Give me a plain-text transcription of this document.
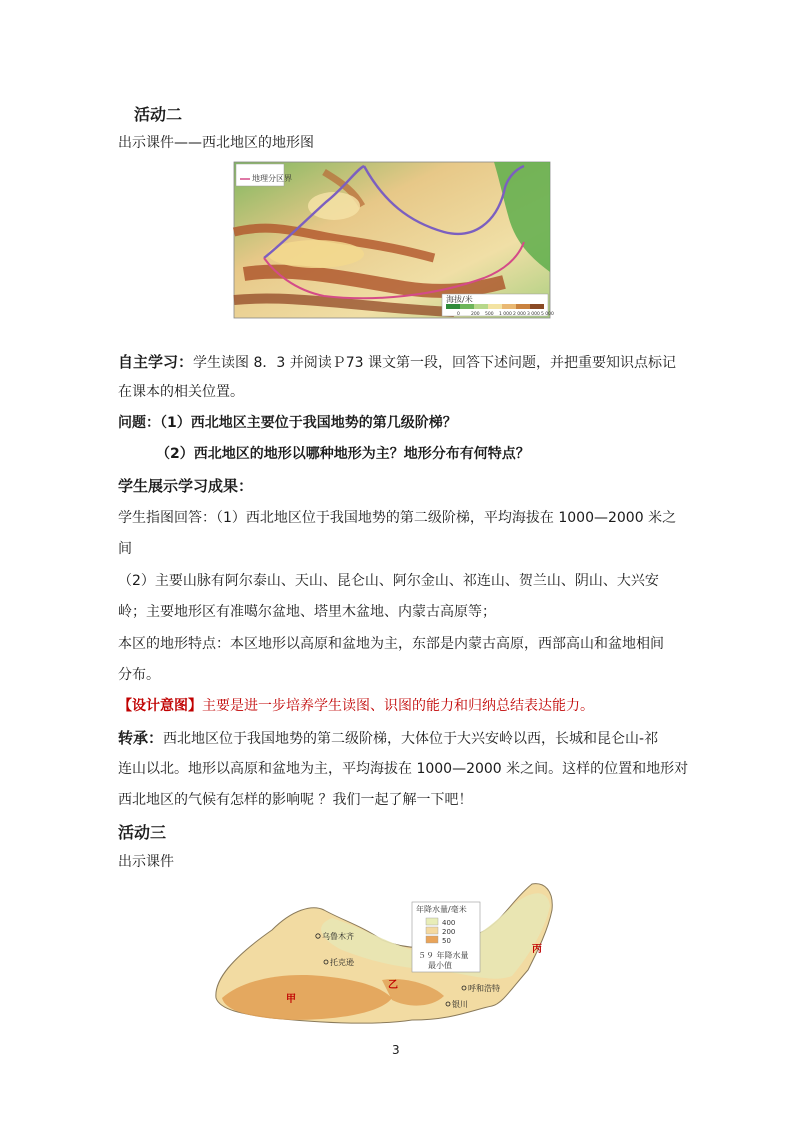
活动二
出示课件——西北地区的地形图
地理分区界
海拔/米
0 200 500 1 000 2 000 3 000 5 000
自主学习：学生读图 8．3 并阅读Ｐ73 课文第一段，回答下述问题，并把重要知识点标记
在课本的相关位置。
问题：（1）西北地区主要位于我国地势的第几级阶梯？
（2）西北地区的地形以哪种地形为主？地形分布有何特点？
学生展示学习成果：
学生指图回答：（1）西北地区位于我国地势的第二级阶梯，平均海拔在 1000—2000 米之
间
（2）主要山脉有阿尔泰山、天山、昆仑山、阿尔金山、祁连山、贺兰山、阴山、大兴安
岭；主要地形区有准噶尔盆地、塔里木盆地、内蒙古高原等；
本区的地形特点：本区地形以高原和盆地为主，东部是内蒙古高原，西部高山和盆地相间
分布。
【设计意图】主要是进一步培养学生读图、识图的能力和归纳总结表达能力。
转承：西北地区位于我国地势的第二级阶梯，大体位于大兴安岭以西，长城和昆仑山-祁
连山以北。地形以高原和盆地为主，平均海拔在 1000—2000 米之间。这样的位置和地形对
西北地区的气候有怎样的影响呢 ？我们一起了解一下吧！
活动三
出示课件
年降水量/毫米
400
200
50
５９ 年降水量
最小值
乌鲁木齐
托克逊
呼和浩特
银川
甲
乙
丙
3
